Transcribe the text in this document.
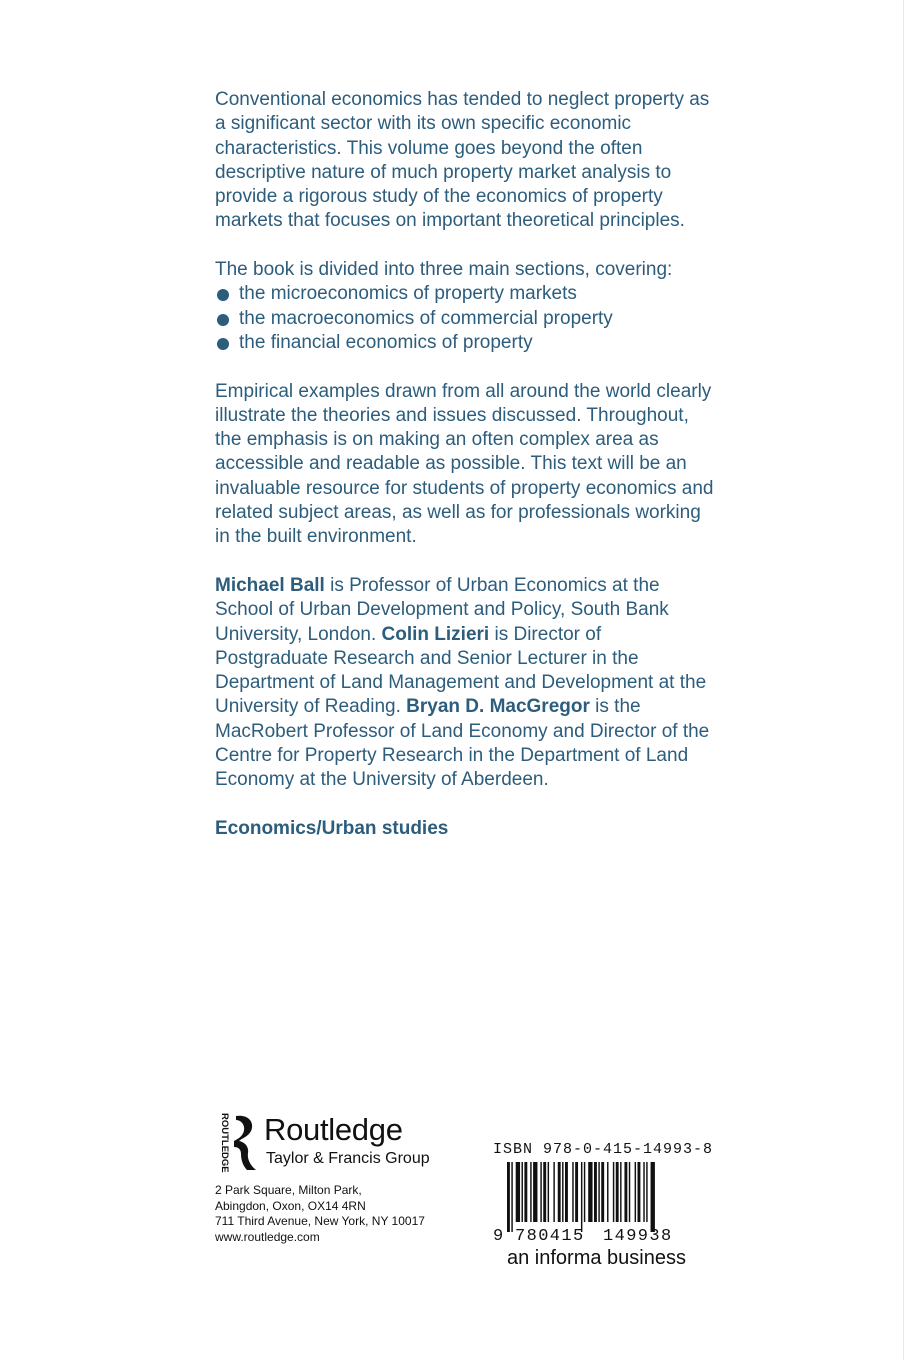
Conventional economics has tended to neglect property as a significant sector with its own specific economic characteristics. This volume goes beyond the often descriptive nature of much property market analysis to provide a rigorous study of the economics of property markets that focuses on important theoretical principles.

The book is divided into three main sections, covering:

the microeconomics of property markets
the macroeconomics of commercial property
the financial economics of property

Empirical examples drawn from all around the world clearly illustrate the theories and issues discussed. Throughout, the emphasis is on making an often complex area as accessible and readable as possible. This text will be an invaluable resource for students of property economics and related subject areas, as well as for professionals working in the built environment.

Michael Ball is Professor of Urban Economics at the School of Urban Development and Policy, South Bank University, London. Colin Lizieri is Director of Postgraduate Research and Senior Lecturer in the Department of Land Management and Development at the University of Reading. Bryan D. MacGregor is the MacRobert Professor of Land Economy and Director of the Centre for Property Research in the Department of Land Economy at the University of Aberdeen.

Economics/Urban studies

ROUTLEDGE Routledge
Taylor & Francis Group
2 Park Square, Milton Park,
Abingdon, Oxon, OX14 4RN
711 Third Avenue, New York, NY 10017
www.routledge.com
ISBN 978-0-415-14993-8
9 780415 149938
an informa business
